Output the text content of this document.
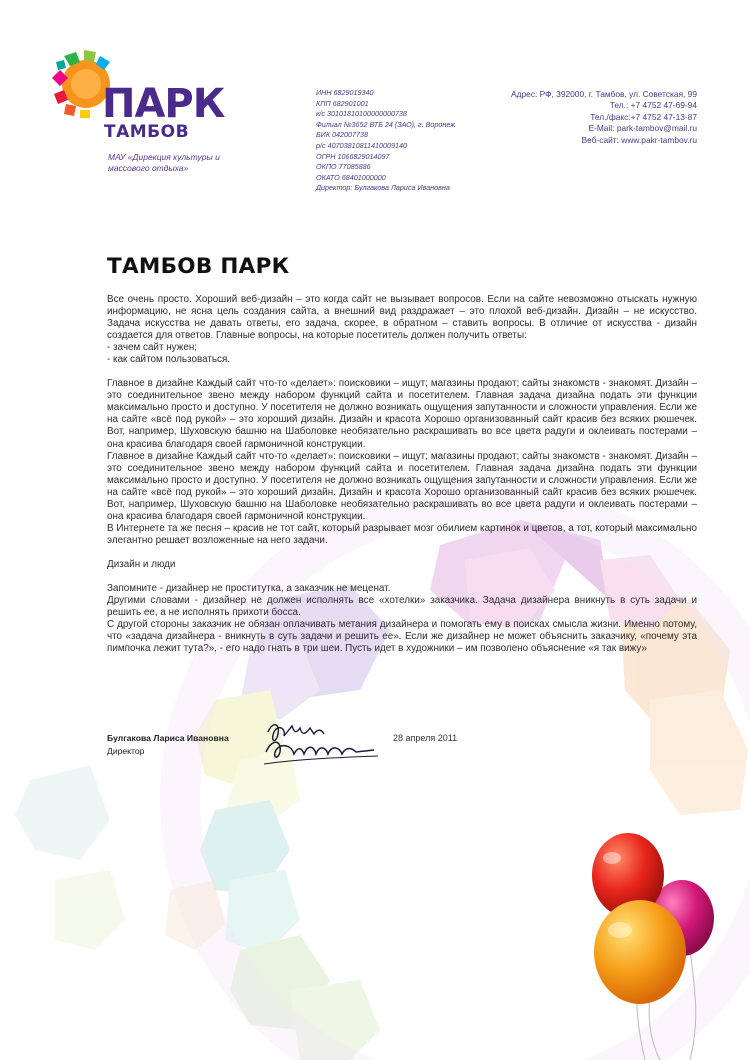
ПАРК
ТАМБОВ
МАУ «Дирекция культуры и
массового отдыха»
ИНН 6829019340
КПП 682901001
к/с 30101810100000000738
Филиал №3652 ВТБ 24 (ЗАО), г. Воронеж
БИК 042007738
р/с 40703810811410009140
ОГРН 1066829014097
ОКПО 77085886
ОКАТО 68401000000
Директор: Булгакова Лариса Ивановна
Адрес: РФ, 392000, г. Тамбов, ул. Советская, 99
Тел.: +7 4752 47-69-94
Тел./факс:+7 4752 47-13-87
E-Mail: park-tambov@mail.ru
Веб-сайт: www.pakr-tambov.ru
ТАМБОВ ПАРК

Все очень просто. Хороший веб-дизайн – это когда сайт не вызывает вопросов. Если на сайте невозможно отыскать нужную информацию, не ясна цель создания сайта, а внешний вид раздражает – это плохой веб-дизайн. Дизайн – не искусство. Задача искусства не давать ответы, его задача, скорее, в обратном – ставить вопросы. В отличие от искусства - дизайн создается для ответов. Главные вопросы, на которые посетитель должен получить ответы:

- зачем сайт нужен;

- как сайтом пользоваться.

Главное в дизайне Каждый сайт что-то «делает»: поисковики – ищут; магазины продают; сайты знакомств - знакомят. Дизайн – это соединительное звено между набором функций сайта и посетителем. Главная задача дизайна подать эти функции максимально просто и доступно. У посетителя не должно возникать ощущения запутанности и сложности управления. Если же на сайте «всё под рукой» – это хороший дизайн. Дизайн и красота Хорошо организованный сайт красив без всяких рюшечек. Вот, например, Шуховскую башню на Шаболовке необязательно раскрашивать во все цвета радуги и оклеивать постерами – она красива благодаря своей гармоничной конструкции.

Главное в дизайне Каждый сайт что-то «делает»: поисковики – ищут; магазины продают; сайты знакомств - знакомят. Дизайн – это соединительное звено между набором функций сайта и посетителем. Главная задача дизайна подать эти функции максимально просто и доступно. У посетителя не должно возникать ощущения запутанности и сложности управления. Если же на сайте «всё под рукой» – это хороший дизайн. Дизайн и красота Хорошо организованный сайт красив без всяких рюшечек. Вот, например, Шуховскую башню на Шаболовке необязательно раскрашивать во все цвета радуги и оклеивать постерами – она красива благодаря своей гармоничной конструкции.

В Интернете та же песня – красив не тот сайт, который разрывает мозг обилием картинок и цветов, а тот, который максимально элегантно решает возложенные на него задачи.

Дизайн и люди

Запомните - дизайнер не проститутка, а заказчик не меценат.

Другими словами - дизайнер не должен исполнять все «хотелки» заказчика. Задача дизайнера вникнуть в суть задачи и решить ее, а не исполнять прихоти босса.

С другой стороны заказчик не обязан оплачивать метания дизайнера и помогать ему в поисках смысла жизни. Именно потому, что «задача дизайнера - вникнуть в суть задачи и решить ее». Если же дизайнер не может объяснить заказчику, «почему эта пимпочка лежит тута?», - его надо гнать в три шеи. Пусть идет в художники – им позволено объяснение «я так вижу»

Булгакова Лариса Ивановна
Директор
28 апреля 2011
